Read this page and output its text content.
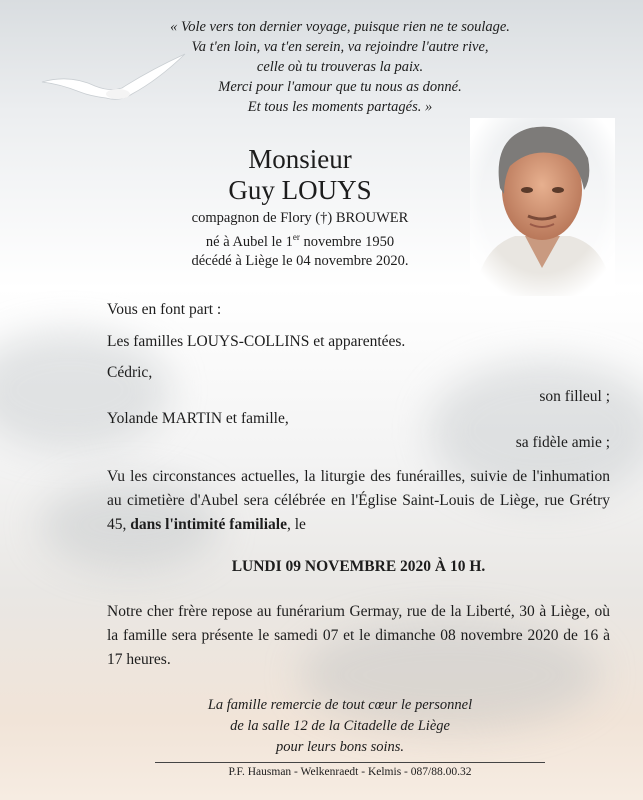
« Vole vers ton dernier voyage, puisque rien ne te soulage.
Va t'en loin, va t'en serein, va rejoindre l'autre rive,
celle où tu trouveras la paix.
Merci pour l'amour que tu nous as donné.
Et tous les moments partagés. »
Monsieur
Guy LOUYS
compagnon de Flory (†) BROUWER
né à Aubel le 1er novembre 1950
décédé à Liège le 04 novembre 2020.
Vous en font part :
Les familles LOUYS-COLLINS et apparentées.
Cédric,
son filleul ;
Yolande MARTIN et famille,
sa fidèle amie ;
Vu les circonstances actuelles, la liturgie des funérailles, suivie de l'inhumation au cimetière d'Aubel sera célébrée en l'Église Saint-Louis de Liège, rue Grétry 45, dans l'intimité familiale, le
LUNDI 09 NOVEMBRE 2020 À 10 H.
Notre cher frère repose au funérarium Germay, rue de la Liberté, 30 à Liège, où la famille sera présente le samedi 07 et le dimanche 08 novembre 2020 de 16 à 17 heures.
La famille remercie de tout cœur le personnel
de la salle 12 de la Citadelle de Liège
pour leurs bons soins.
P.F. Hausman - Welkenraedt - Kelmis - 087/88.00.32
